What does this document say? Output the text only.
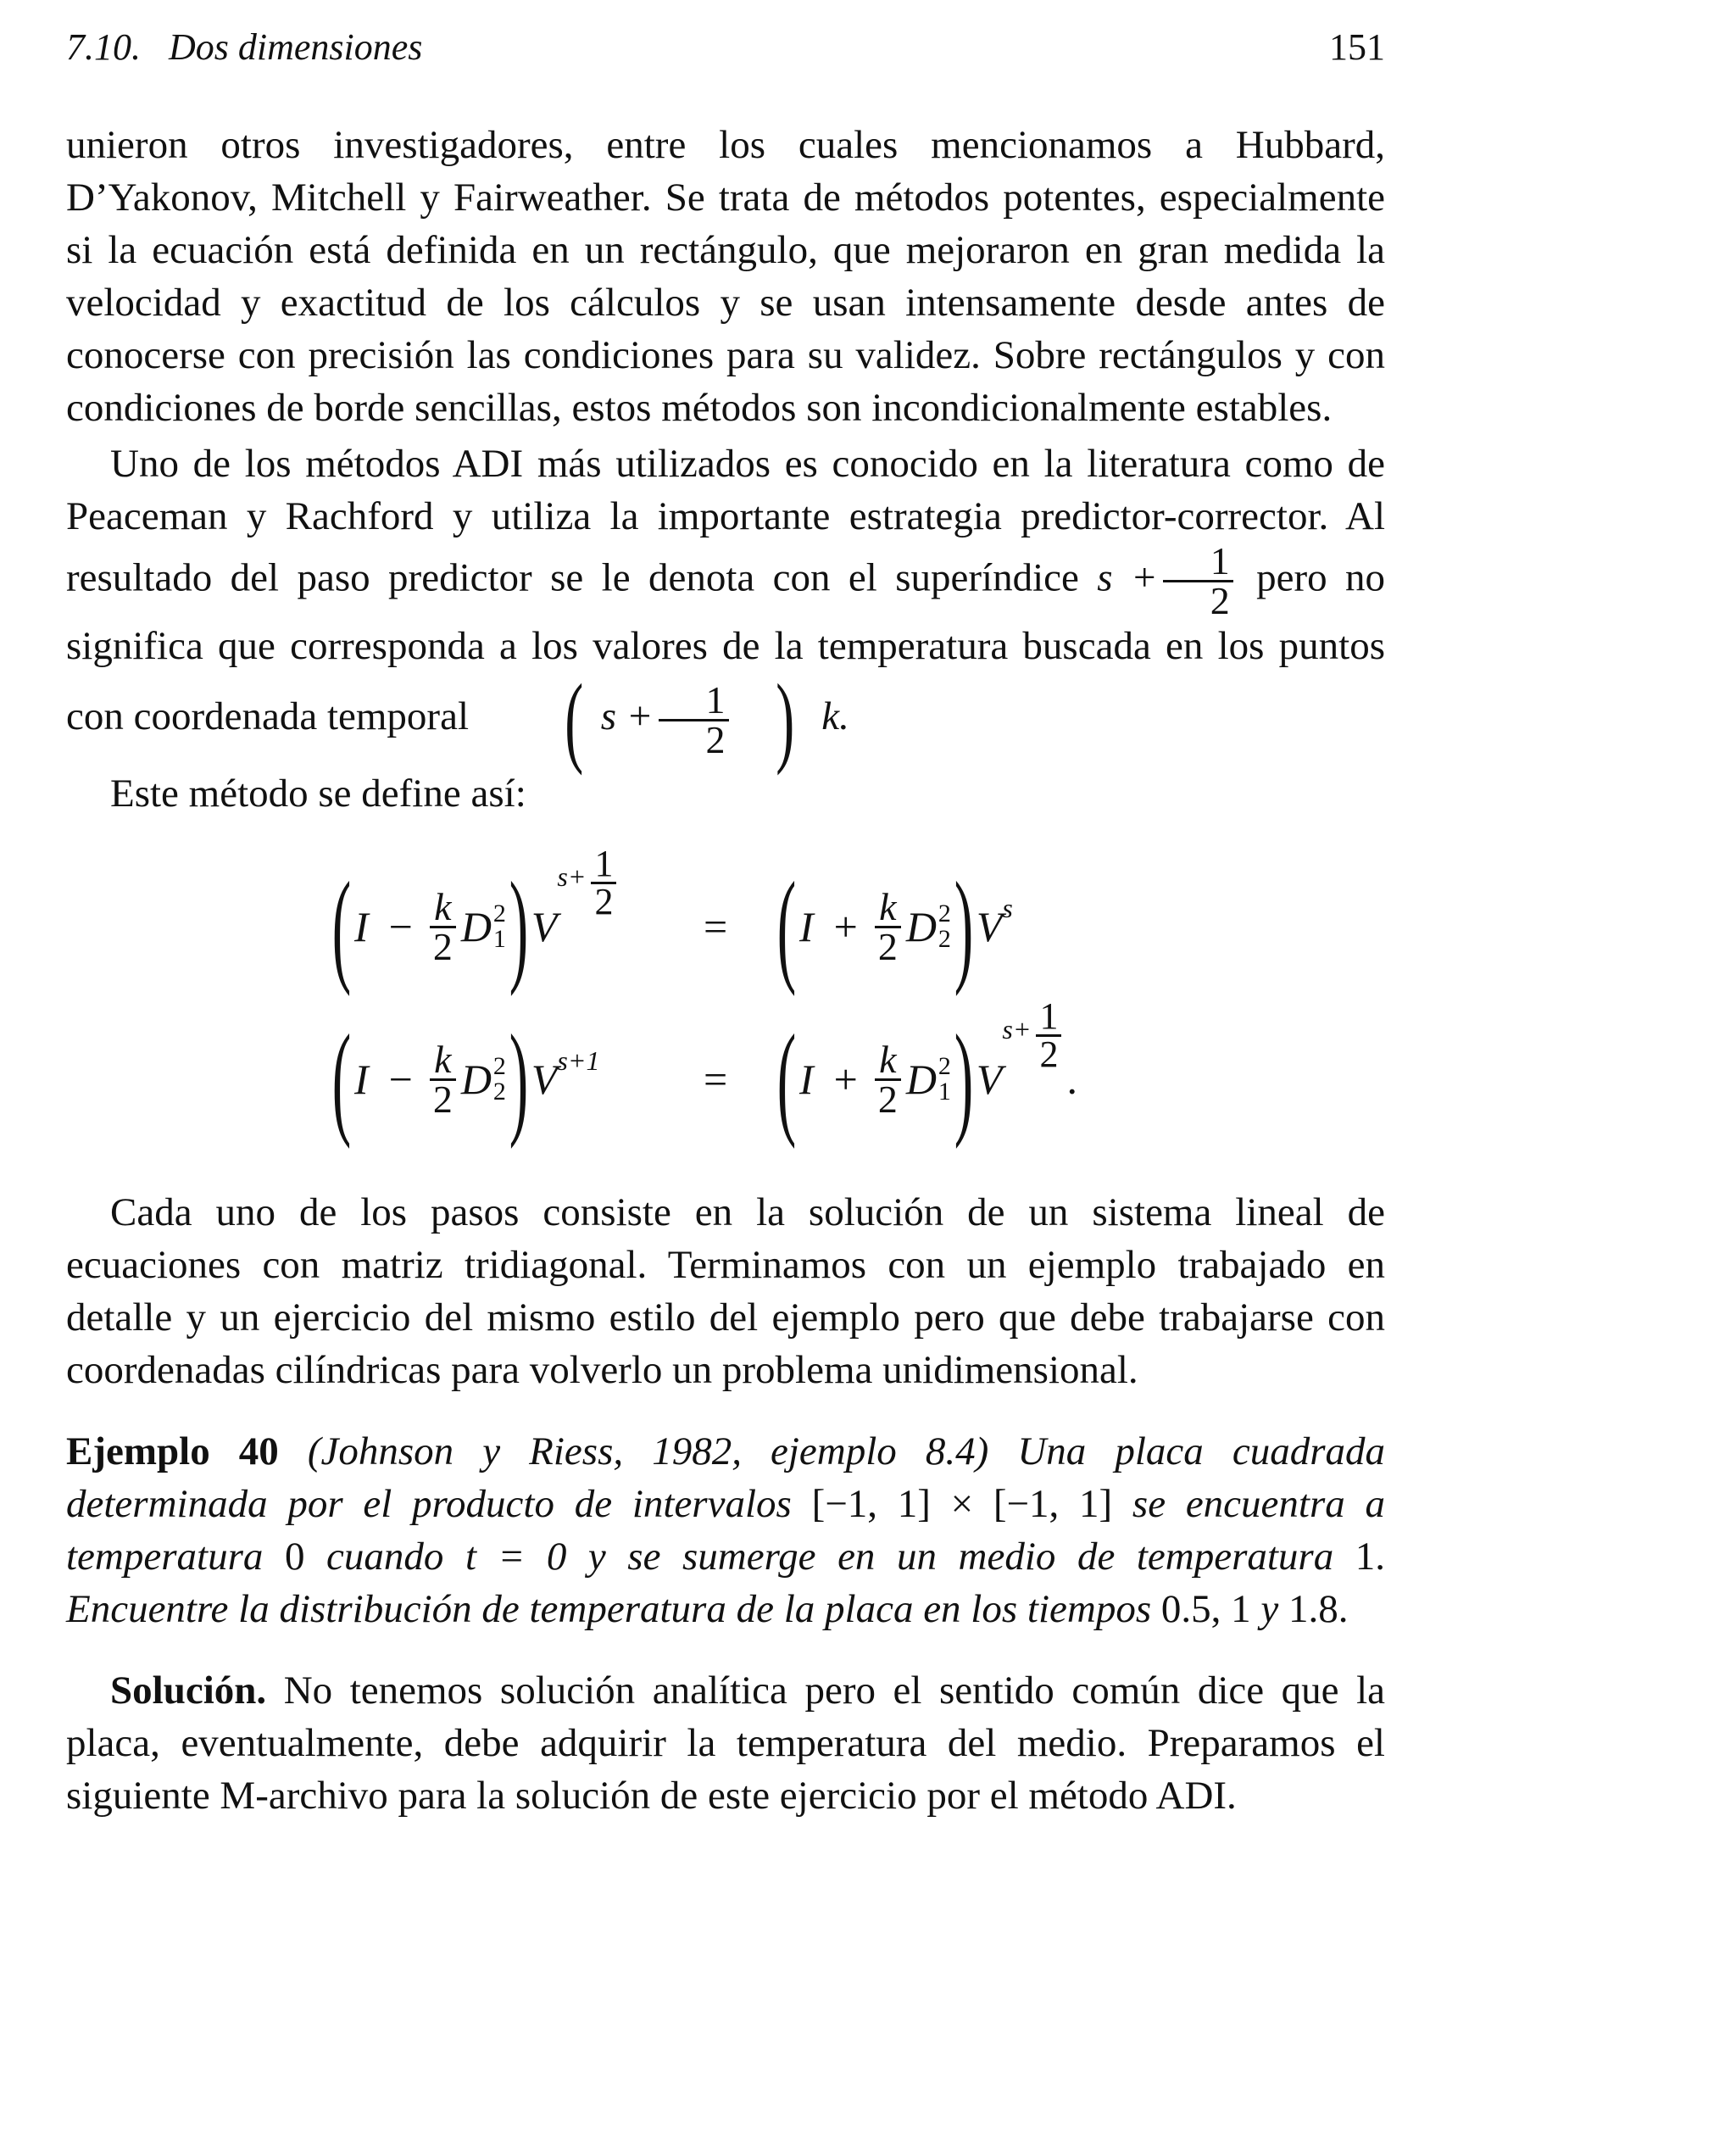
7.10. Dos dimensiones	151

unieron otros investigadores, entre los cuales mencionamos a Hubbard, D’Yakonov, Mitchell y Fairweather. Se trata de métodos potentes, especialmente si la ecuación está definida en un rectángulo, que mejoraron en gran medida la velocidad y exactitud de los cálculos y se usan intensamente desde antes de conocerse con precisión las condiciones para su validez. Sobre rectángulos y con condiciones de borde sencillas, estos métodos son incondicionalmente estables.

Uno de los métodos ADI más utilizados es conocido en la literatura como de Peaceman y Rachford y utiliza la importante estrategia predictor-corrector. Al resultado del paso predictor se le denota con el superíndice $s + \frac{1}{2}$ pero no significa que corresponda a los valores de la temperatura buscada en los puntos con coordenada temporal ( $s + \frac{1}{2}$ ) k.

Este método se define así:

( $I - \frac{k}{2}$ D 2
1 ) V
$s+ \frac{1}{2}$
= ( $I + \frac{k}{2}$ D 2
2 ) V s
( $I - \frac{k}{2}$ D 2
2 ) V s+1 = ( $I + \frac{k}{2}$ D 2
1 ) V
$s+ \frac{1}{2}$
.

Cada uno de los pasos consiste en la solución de un sistema lineal de ecuaciones con matriz tridiagonal. Terminamos con un ejemplo trabajado en detalle y un ejercicio del mismo estilo del ejemplo pero que debe trabajarse con coordenadas cilíndricas para volverlo un problema unidimensional.

Ejemplo 40 (Johnson y Riess, 1982, ejemplo 8.4) Una placa cuadrada determinada por el producto de intervalos [−1, 1] × [−1, 1] se encuentra a temperatura 0 cuando t = 0 y se sumerge en un medio de temperatura 1. Encuentre la distribución de temperatura de la placa en los tiempos 0.5, 1 y 1.8.

Solución. No tenemos solución analítica pero el sentido común dice que la placa, eventualmente, debe adquirir la temperatura del medio. Preparamos el siguiente M-archivo para la solución de este ejercicio por el método ADI.
